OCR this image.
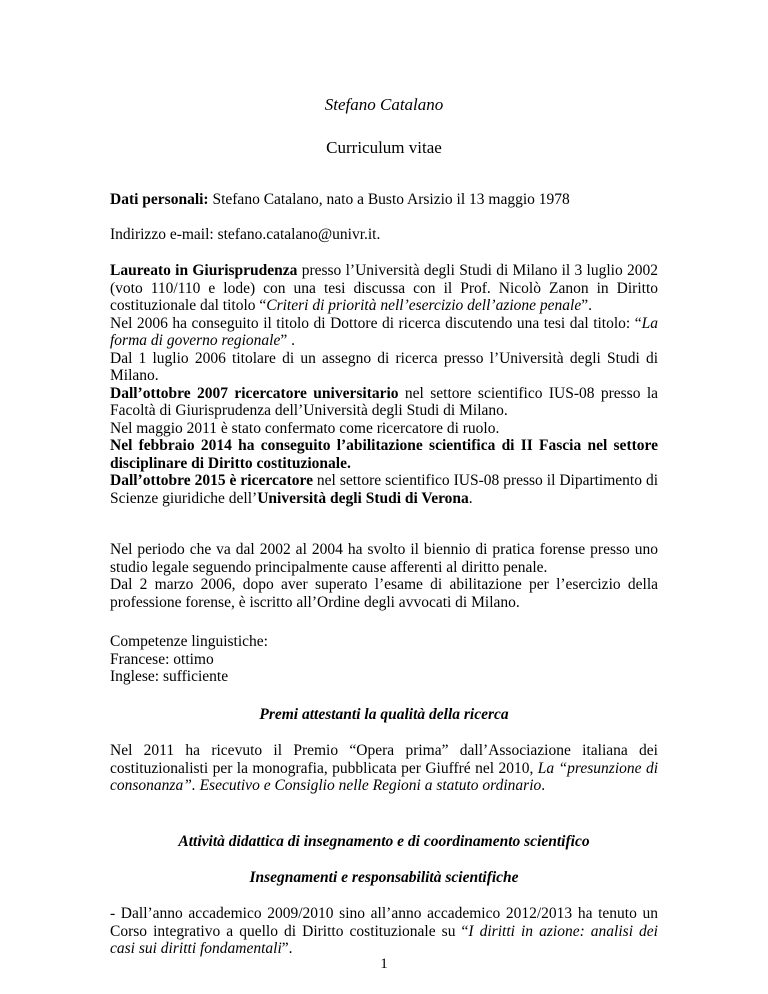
Stefano Catalano
Curriculum vitae

Dati personali: Stefano Catalano, nato a Busto Arsizio il 13 maggio 1978

Indirizzo e-mail: stefano.catalano@univr.it.

Laureato in Giurisprudenza presso l’Università degli Studi di Milano il 3 luglio 2002 (voto 110/110 e lode) con una tesi discussa con il Prof. Nicolò Zanon in Diritto costituzionale dal titolo “Criteri di priorità nell’esercizio dell’azione penale”.

Nel 2006 ha conseguito il titolo di Dottore di ricerca discutendo una tesi dal titolo: “La forma di governo regionale” .

Dal 1 luglio 2006 titolare di un assegno di ricerca presso l’Università degli Studi di Milano.

Dall’ottobre 2007 ricercatore universitario nel settore scientifico IUS-08 presso la Facoltà di Giurisprudenza dell’Università degli Studi di Milano.

Nel maggio 2011 è stato confermato come ricercatore di ruolo.

Nel febbraio 2014 ha conseguito l’abilitazione scientifica di II Fascia nel settore disciplinare di Diritto costituzionale.

Dall’ottobre 2015 è ricercatore nel settore scientifico IUS-08 presso il Dipartimento di Scienze giuridiche dell’Università degli Studi di Verona.

Nel periodo che va dal 2002 al 2004 ha svolto il biennio di pratica forense presso uno studio legale seguendo principalmente cause afferenti al diritto penale.

Dal 2 marzo 2006, dopo aver superato l’esame di abilitazione per l’esercizio della professione forense, è iscritto all’Ordine degli avvocati di Milano.

Competenze linguistiche:

Francese: ottimo

Inglese: sufficiente

Premi attestanti la qualità della ricerca

Nel 2011 ha ricevuto il Premio “Opera prima” dall’Associazione italiana dei costituzionalisti per la monografia, pubblicata per Giuffré nel 2010, La “presunzione di consonanza”. Esecutivo e Consiglio nelle Regioni a statuto ordinario.

Attività didattica di insegnamento e di coordinamento scientifico
Insegnamenti e responsabilità scientifiche

- Dall’anno accademico 2009/2010 sino all’anno accademico 2012/2013 ha tenuto un Corso integrativo a quello di Diritto costituzionale su “I diritti in azione: analisi dei casi sui diritti fondamentali”.

1
